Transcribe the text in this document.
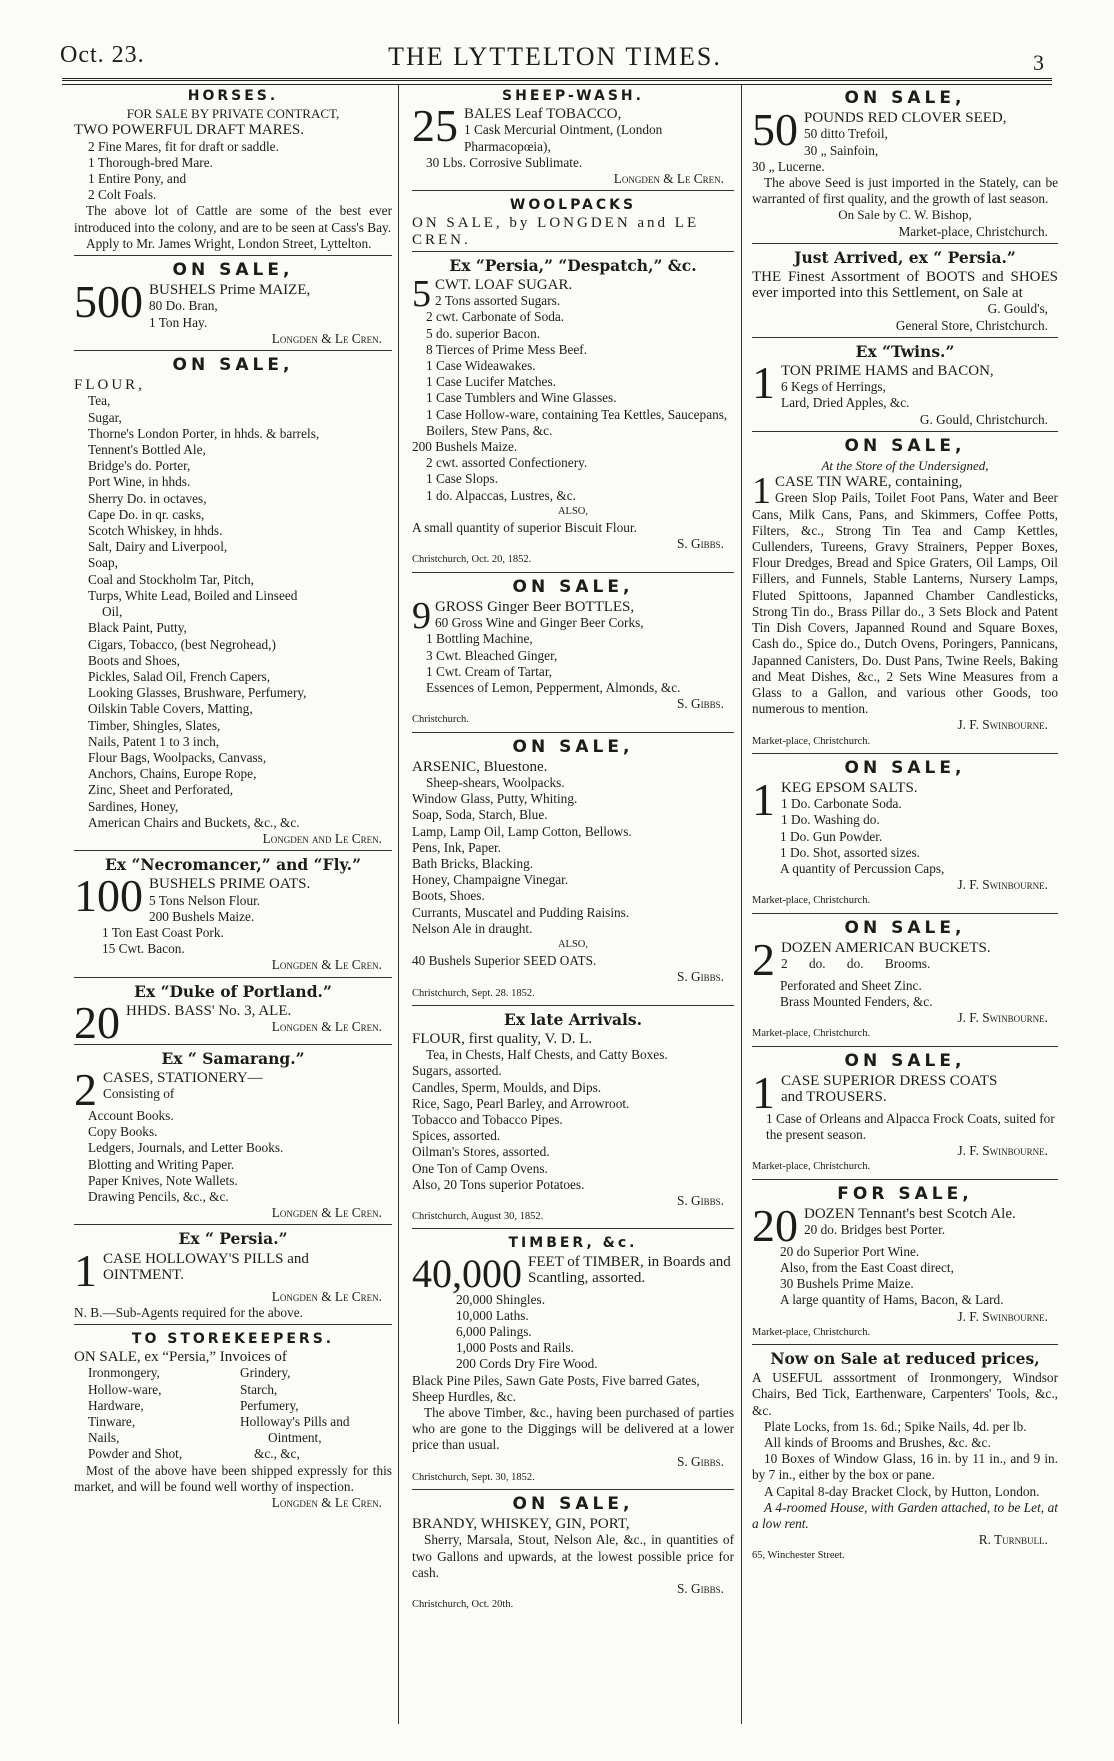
Oct. 23.	THE LYTTELTON TIMES.	3
HORSES.
FOR SALE BY PRIVATE CONTRACT,
TWO POWERFUL DRAFT MARES.
2 Fine Mares, fit for draft or saddle.
1 Thorough-bred Mare.
1 Entire Pony, and
2 Colt Foals.

The above lot of Cattle are some of the best ever introduced into the colony, and are to be seen at Cass's Bay.

Apply to Mr. James Wright, London Street, Lyttelton.

ON SALE,
500 BUSHELS Prime MAIZE,
80 Do. Bran,
1 Ton Hay.
Longden & Le Cren.
ON SALE,
FLOUR,
Tea,
Sugar,
Thorne's London Porter, in hhds. & barrels,
Tennent's Bottled Ale,
Bridge's do. Porter,
Port Wine, in hhds.
Sherry Do. in octaves,
Cape Do. in qr. casks,
Scotch Whiskey, in hhds.
Salt, Dairy and Liverpool,
Soap,
Coal and Stockholm Tar, Pitch,
Turps, White Lead, Boiled and Linseed
Oil,
Black Paint, Putty,
Cigars, Tobacco, (best Negrohead,)
Boots and Shoes,
Pickles, Salad Oil, French Capers,
Looking Glasses, Brushware, Perfumery,
Oilskin Table Covers, Matting,
Timber, Shingles, Slates,
Nails, Patent 1 to 3 inch,
Flour Bags, Woolpacks, Canvass,
Anchors, Chains, Europe Rope,
Zinc, Sheet and Perforated,
Sardines, Honey,
American Chairs and Buckets, &c., &c.
Longden and Le Cren.
Ex “Necromancer,” and “Fly.”
100 BUSHELS PRIME OATS.
5 Tons Nelson Flour.
200 Bushels Maize.
1 Ton East Coast Pork.
15 Cwt. Bacon.
Longden & Le Cren.
Ex “Duke of Portland.”
20 HHDS. BASS' No. 3, ALE.
Longden & Le Cren.
Ex “ Samarang.”
2 CASES, STATIONERY—
Consisting of
Account Books.
Copy Books.
Ledgers, Journals, and Letter Books.
Blotting and Writing Paper.
Paper Knives, Note Wallets.
Drawing Pencils, &c., &c.
Longden & Le Cren.
Ex “ Persia.”
1 CASE HOLLOWAY'S PILLS and
OINTMENT.
Longden & Le Cren.
N. B.—Sub-Agents required for the above.
TO STOREKEEPERS.
ON SALE, ex “Persia,” Invoices of
Ironmongery,
Hollow-ware,
Hardware,
Tinware,
Nails,
Powder and Shot,
Grindery,
Starch,
Perfumery,
Holloway's Pills and
Ointment,
&c., &c,

Most of the above have been shipped expressly for this market, and will be found well worthy of inspection.

Longden & Le Cren.
SHEEP-WASH.
25 BALES Leaf TOBACCO,
1 Cask Mercurial Ointment, (London
Pharmacopœia),
30 Lbs. Corrosive Sublimate.
Longden & Le Cren.
WOOLPACKS
ON SALE, by LONGDEN and LE CREN.
Ex “Persia,” “Despatch,” &c.
5 CWT. LOAF SUGAR.
2 Tons assorted Sugars.
2 cwt. Carbonate of Soda.
5 do. superior Bacon.
8 Tierces of Prime Mess Beef.
1 Case Wideawakes.
1 Case Lucifer Matches.
1 Case Tumblers and Wine Glasses.
1 Case Hollow-ware, containing Tea Kettles, Saucepans, Boilers, Stew Pans, &c.
200 Bushels Maize.
2 cwt. assorted Confectionery.
1 Case Slops.
1 do. Alpaccas, Lustres, &c.
ALSO,
A small quantity of superior Biscuit Flour.
S. Gibbs.
Christchurch, Oct. 20, 1852.
ON SALE,
9 GROSS Ginger Beer BOTTLES,
60 Gross Wine and Ginger Beer Corks,
1 Bottling Machine,
3 Cwt. Bleached Ginger,
1 Cwt. Cream of Tartar,
Essences of Lemon, Pepperment, Almonds, &c.
S. Gibbs.
Christchurch.
ON SALE,
ARSENIC, Bluestone.
Sheep-shears, Woolpacks.
Window Glass, Putty, Whiting.
Soap, Soda, Starch, Blue.
Lamp, Lamp Oil, Lamp Cotton, Bellows.
Pens, Ink, Paper.
Bath Bricks, Blacking.
Honey, Champaigne Vinegar.
Boots, Shoes.
Currants, Muscatel and Pudding Raisins.
Nelson Ale in draught.
ALSO,
40 Bushels Superior SEED OATS.
S. Gibbs.
Christchurch, Sept. 28. 1852.
Ex late Arrivals.
FLOUR, first quality, V. D. L.
Tea, in Chests, Half Chests, and Catty Boxes.
Sugars, assorted.
Candles, Sperm, Moulds, and Dips.
Rice, Sago, Pearl Barley, and Arrowroot.
Tobacco and Tobacco Pipes.
Spices, assorted.
Oilman's Stores, assorted.
One Ton of Camp Ovens.
Also, 20 Tons superior Potatoes.
S. Gibbs.
Christchurch, August 30, 1852.
TIMBER, &c.
40,000 FEET of TIMBER, in Boards and Scantling, assorted.
20,000 Shingles.
10,000 Laths.
6,000 Palings.
1,000 Posts and Rails.
200 Cords Dry Fire Wood.
Black Pine Piles, Sawn Gate Posts, Five barred Gates, Sheep Hurdles, &c.

The above Timber, &c., having been purchased of parties who are gone to the Diggings will be delivered at a lower price than usual.

S. Gibbs.
Christchurch, Sept. 30, 1852.
ON SALE,
BRANDY, WHISKEY, GIN, PORT,

Sherry, Marsala, Stout, Nelson Ale, &c., in quantities of two Gallons and upwards, at the lowest possible price for cash.

S. Gibbs.
Christchurch, Oct. 20th.
ON SALE,
50 POUNDS RED CLOVER SEED,
50 ditto Trefoil,
30 „ Sainfoin,
30 „ Lucerne.

The above Seed is just imported in the Stately, can be warranted of first quality, and the growth of last season.

On Sale by C. W. Bishop,
Market-place, Christchurch.
Just Arrived, ex “ Persia.”

THE Finest Assortment of BOOTS and SHOES ever imported into this Settlement, on Sale at

G. Gould's,
General Store, Christchurch.
Ex “Twins.”
1 TON PRIME HAMS and BACON,
6 Kegs of Herrings,
Lard, Dried Apples, &c.
G. Gould, Christchurch.
ON SALE,
At the Store of the Undersigned,
1 CASE TIN WARE, containing,

Green Slop Pails, Toilet Foot Pans, Water and Beer Cans, Milk Cans, Pans, and Skimmers, Coffee Potts, Filters, &c., Strong Tin Tea and Camp Kettles, Cullenders, Tureens, Gravy Strainers, Pepper Boxes, Flour Dredges, Bread and Spice Graters, Oil Lamps, Oil Fillers, and Funnels, Stable Lanterns, Nursery Lamps, Fluted Spittoons, Japanned Chamber Candlesticks, Strong Tin do., Brass Pillar do., 3 Sets Block and Patent Tin Dish Covers, Japanned Round and Square Boxes, Cash do., Spice do., Dutch Ovens, Poringers, Pannicans, Japanned Canisters, Do. Dust Pans, Twine Reels, Baking and Meat Dishes, &c., 2 Sets Wine Measures from a Glass to a Gallon, and various other Goods, too numerous to mention.

J. F. Swinbourne.
Market-place, Christchurch.
ON SALE,
1 KEG EPSOM SALTS.
1 Do. Carbonate Soda.
1 Do. Washing do.
1 Do. Gun Powder.
1 Do. Shot, assorted sizes.
A quantity of Percussion Caps,
J. F. Swinbourne.
Market-place, Christchurch.
ON SALE,
2 DOZEN AMERICAN BUCKETS.
2 do. do. Brooms.
Perforated and Sheet Zinc.
Brass Mounted Fenders, &c.
J. F. Swinbourne.
Market-place, Christchurch.
ON SALE,
1 CASE SUPERIOR DRESS COATS
and TROUSERS.
1 Case of Orleans and Alpacca Frock Coats, suited for the present season.
J. F. Swinbourne.
Market-place, Christchurch.
FOR SALE,
20 DOZEN Tennant's best Scotch Ale.
20 do. Bridges best Porter.
20 do Superior Port Wine.
Also, from the East Coast direct,
30 Bushels Prime Maize.
A large quantity of Hams, Bacon, & Lard.
J. F. Swinbourne.
Market-place, Christchurch.
Now on Sale at reduced prices,

A USEFUL asssortment of Ironmongery, Windsor Chairs, Bed Tick, Earthenware, Carpenters' Tools, &c., &c.

Plate Locks, from 1s. 6d.; Spike Nails, 4d. per lb.

All kinds of Brooms and Brushes, &c. &c.

10 Boxes of Window Glass, 16 in. by 11 in., and 9 in. by 7 in., either by the box or pane.

A Capital 8-day Bracket Clock, by Hutton, London.

A 4-roomed House, with Garden attached, to be Let, at a low rent.

R. Turnbull.
65, Winchester Street.
